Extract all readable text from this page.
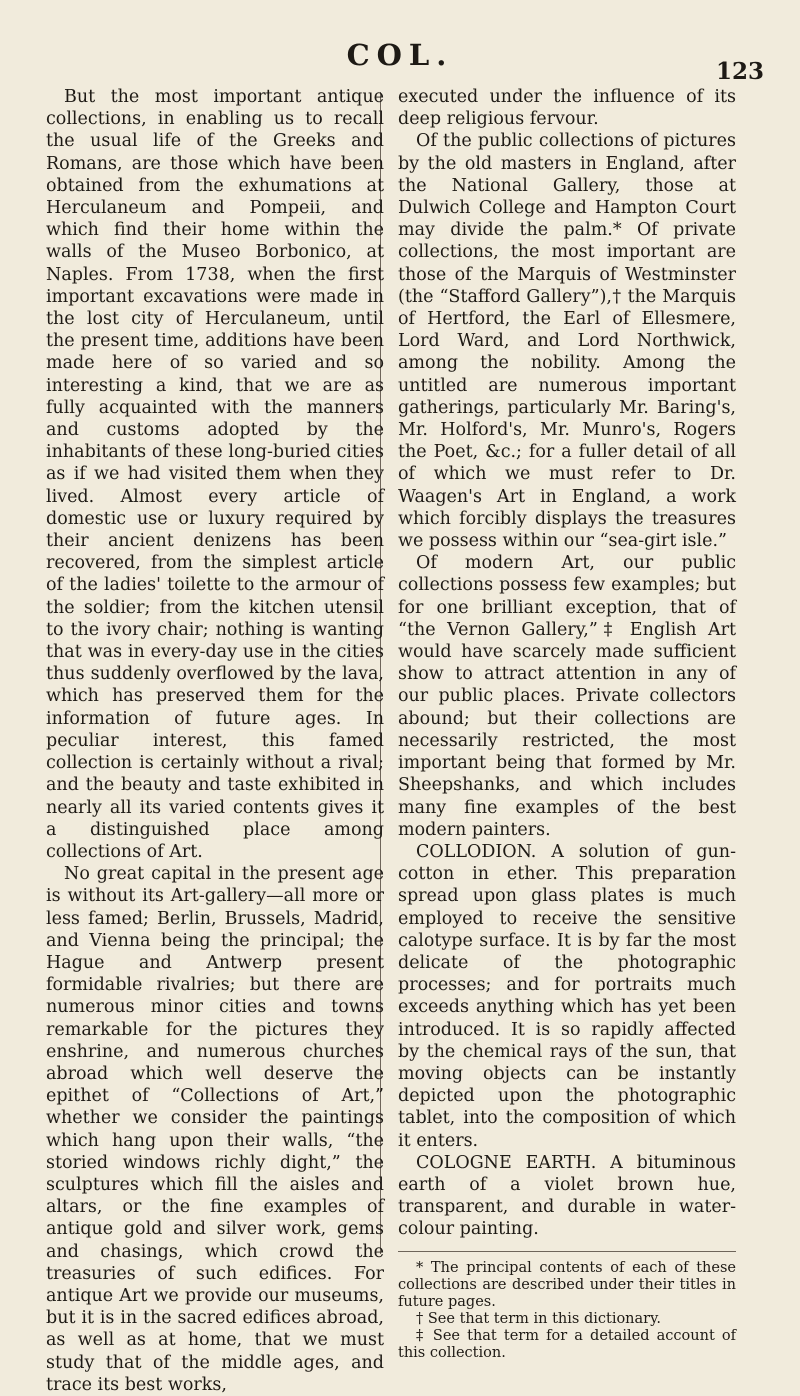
COL.	123

But the most important antique collections, in enabling us to recall the usual life of the Greeks and Romans, are those which have been obtained from the exhumations at Herculaneum and Pompeii, and which find their home within the walls of the Museo Borbonico, at Naples. From 1738, when the first important excavations were made in the lost city of Herculaneum, until the present time, additions have been made here of so varied and so interesting a kind, that we are as fully acquainted with the manners and customs adopted by the inhabitants of these long-buried cities as if we had visited them when they lived. Almost every article of domestic use or luxury required by their ancient denizens has been recovered, from the simplest article of the ladies' toilette to the armour of the soldier; from the kitchen utensil to the ivory chair; nothing is wanting that was in every-day use in the cities thus suddenly overflowed by the lava, which has preserved them for the information of future ages. In peculiar interest, this famed collection is certainly without a rival; and the beauty and taste exhibited in nearly all its varied contents gives it a distinguished place among collections of Art.

No great capital in the present age is without its Art-gallery—all more or less famed; Berlin, Brussels, Madrid, and Vienna being the principal; the Hague and Antwerp present formidable rivalries; but there are numerous minor cities and towns remarkable for the pictures they enshrine, and numerous churches abroad which well deserve the epithet of “Collections of Art,” whether we consider the paintings which hang upon their walls, “the storied windows richly dight,” the sculptures which fill the aisles and altars, or the fine examples of antique gold and silver work, gems and chasings, which crowd the treasuries of such edifices. For antique Art we provide our museums, but it is in the sacred edifices abroad, as well as at home, that we must study that of the middle ages, and trace its best works,

executed under the influence of its deep religious fervour.

Of the public collections of pictures by the old masters in England, after the National Gallery, those at Dulwich College and Hampton Court may divide the palm.* Of private collections, the most important are those of the Marquis of Westminster (the “Stafford Gallery”),† the Marquis of Hertford, the Earl of Ellesmere, Lord Ward, and Lord Northwick, among the nobility. Among the untitled are numerous important gatherings, particularly Mr. Baring's, Mr. Holford's, Mr. Munro's, Rogers the Poet, &c.; for a fuller detail of all of which we must refer to Dr. Waagen's Art in England, a work which forcibly displays the treasures we possess within our “sea-girt isle.”

Of modern Art, our public collections possess few examples; but for one brilliant exception, that of “the Vernon Gallery,”‡ English Art would have scarcely made sufficient show to attract attention in any of our public places. Private collectors abound; but their collections are necessarily restricted, the most important being that formed by Mr. Sheepshanks, and which includes many fine examples of the best modern painters.

COLLODION. A solution of gun-cotton in ether. This preparation spread upon glass plates is much employed to receive the sensitive calotype surface. It is by far the most delicate of the photographic processes; and for portraits much exceeds anything which has yet been introduced. It is so rapidly affected by the chemical rays of the sun, that moving objects can be instantly depicted upon the photographic tablet, into the composition of which it enters.

COLOGNE EARTH. A bituminous earth of a violet brown hue, transparent, and durable in water-colour painting.

* The principal contents of each of these collections are described under their titles in future pages.

† See that term in this dictionary.

‡ See that term for a detailed account of this collection.
